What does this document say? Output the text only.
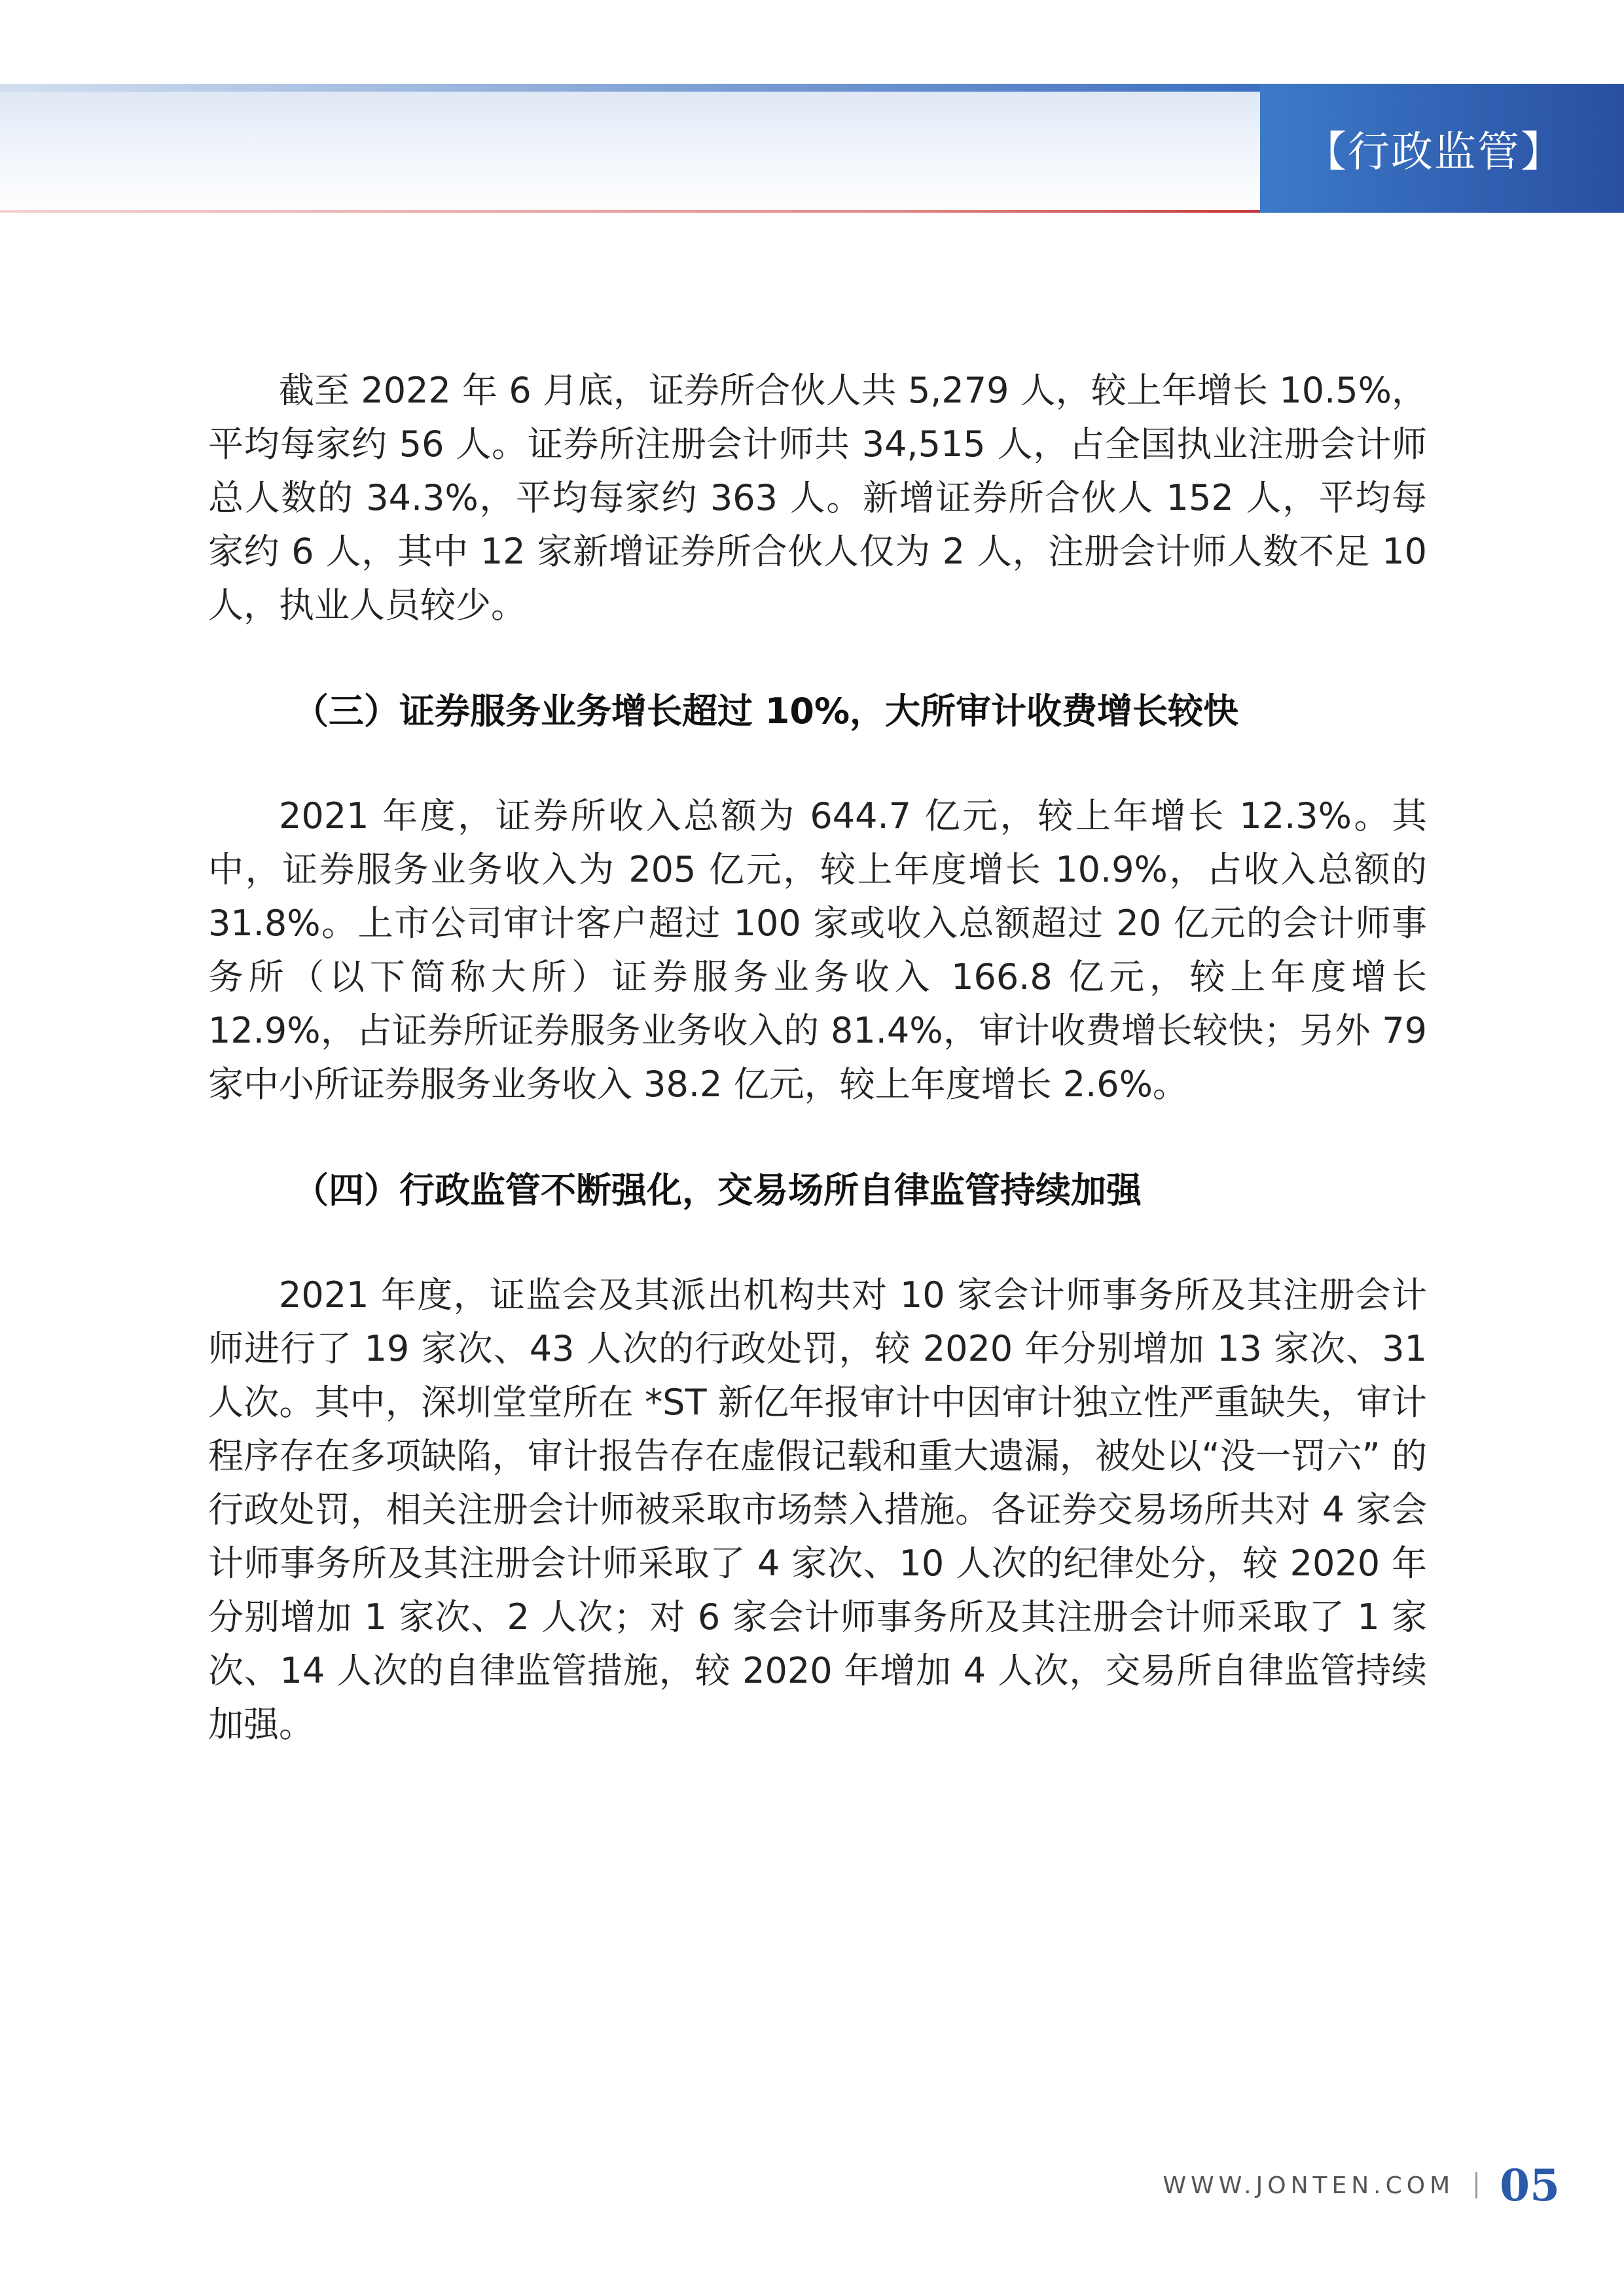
【行政监管】

截至 2022 年 6 月底，证券所合伙人共 5,279 人，较上年增长 10.5%，平均每家约 56 人。证券所注册会计师共 34,515 人，占全国执业注册会计师总人数的 34.3%，平均每家约 363 人。新增证券所合伙人 152 人，平均每家约 6 人，其中 12 家新增证券所合伙人仅为 2 人，注册会计师人数不足 10 人，执业人员较少。

（三）证券服务业务增长超过 10%，大所审计收费增长较快

2021 年度，证券所收入总额为 644.7 亿元，较上年增长 12.3%。其中，证券服务业务收入为 205 亿元，较上年度增长 10.9%，占收入总额的 31.8%。上市公司审计客户超过 100 家或收入总额超过 20 亿元的会计师事务所（以下简称大所）证券服务业务收入 166.8 亿元，较上年度增长 12.9%，占证券所证券服务业务收入的 81.4%，审计收费增长较快；另外 79 家中小所证券服务业务收入 38.2 亿元，较上年度增长 2.6%。

（四）行政监管不断强化，交易场所自律监管持续加强

2021 年度，证监会及其派出机构共对 10 家会计师事务所及其注册会计师进行了 19 家次、43 人次的行政处罚，较 2020 年分别增加 13 家次、31 人次。其中，深圳堂堂所在 *ST 新亿年报审计中因审计独立性严重缺失，审计程序存在多项缺陷，审计报告存在虚假记载和重大遗漏，被处以“没一罚六” 的行政处罚，相关注册会计师被采取市场禁入措施。各证券交易场所共对 4 家会计师事务所及其注册会计师采取了 4 家次、10 人次的纪律处分，较 2020 年分别增加 1 家次、2 人次；对 6 家会计师事务所及其注册会计师采取了 1 家次、14 人次的自律监管措施，较 2020 年增加 4 人次，交易所自律监管持续加强。

WWW.JONTEN.COM 05
